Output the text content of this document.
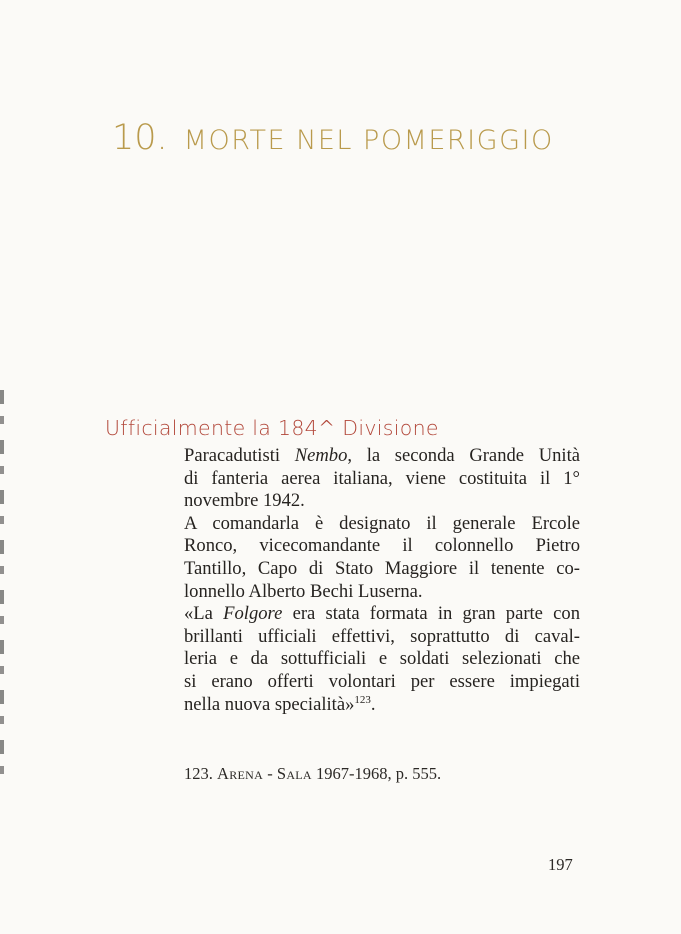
10. MORTE NEL POMERIGGIO
Ufficialmente la 184^ Divisione
Paracadutisti Nembo, la seconda Grande Unità
di fanteria aerea italiana, viene costituita il 1°
novembre 1942.
A comandarla è designato il generale Ercole
Ronco, vicecomandante il colonnello Pietro
Tantillo, Capo di Stato Maggiore il tenente co-
lonnello Alberto Bechi Luserna.
«La Folgore era stata formata in gran parte con
brillanti ufficiali effettivi, soprattutto di caval-
leria e da sottufficiali e soldati selezionati che
si erano offerti volontari per essere impiegati
nella nuova specialità»$^{123}$.
123. Arena - Sala 1967-1968, p. 555.
197
